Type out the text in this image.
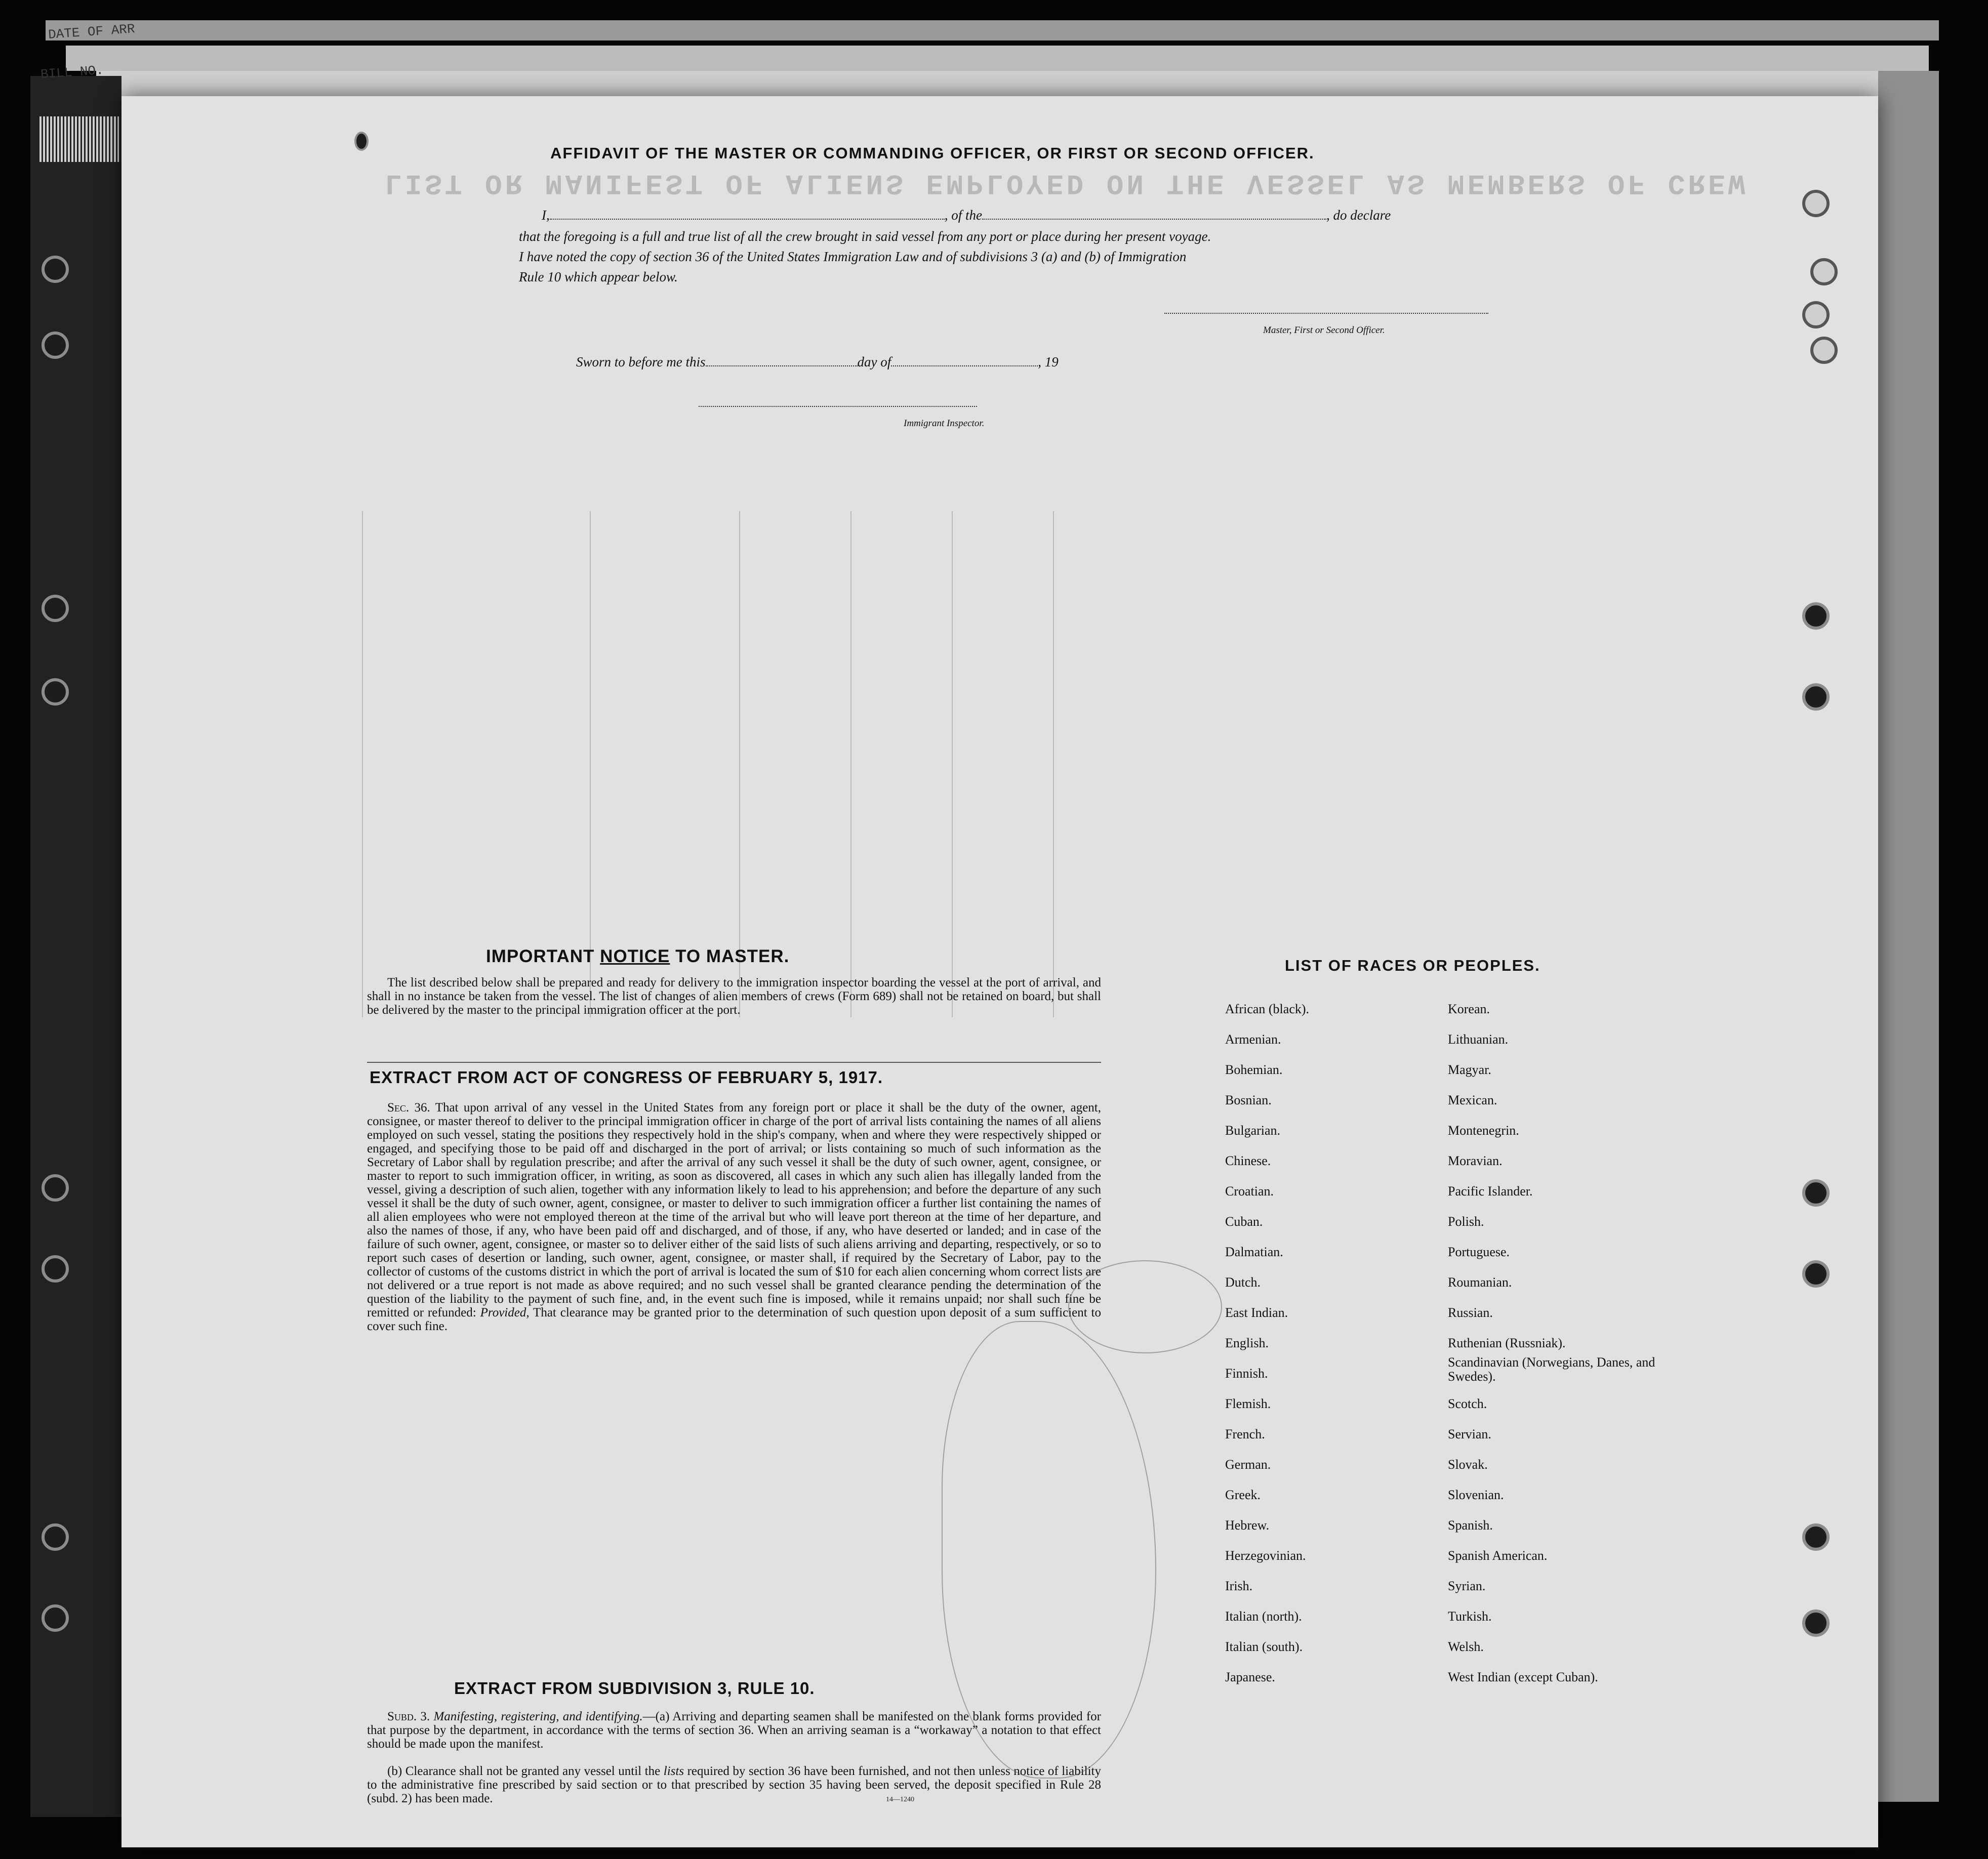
DATE OF ARR
BILL NO.
LIST OR MANIFEST OF ALIENS EMPLOYED ON THE VESSEL AS MEMBERS OF CREW
AFFIDAVIT OF THE MASTER OR COMMANDING OFFICER, OR FIRST OR SECOND OFFICER.
I,	, of the	, do declare
that the foregoing is a full and true list of all the crew brought in said vessel from any port or place during her present voyage.
I have noted the copy of section 36 of the United States Immigration Law and of subdivisions 3 (a) and (b) of Immigration
Rule 10 which appear below.
Master, First or Second Officer.
Sworn to before me this	day of	, 19
Immigrant Inspector.
IMPORTANT NOTICE TO MASTER.
The list described below shall be prepared and ready for delivery to the immigration inspector boarding the vessel at the port of arrival, and shall in no instance be taken from the vessel. The list of changes of alien members of crews (Form 689) shall not be retained on board, but shall be delivered by the master to the principal immigration officer at the port.
EXTRACT FROM ACT OF CONGRESS OF FEBRUARY 5, 1917.
Sec. 36. That upon arrival of any vessel in the United States from any foreign port or place it shall be the duty of the owner, agent, consignee, or master thereof to deliver to the principal immigration officer in charge of the port of arrival lists containing the names of all aliens employed on such vessel, stating the positions they respectively hold in the ship's company, when and where they were respectively shipped or engaged, and specifying those to be paid off and discharged in the port of arrival; or lists containing so much of such information as the Secretary of Labor shall by regulation prescribe; and after the arrival of any such vessel it shall be the duty of such owner, agent, consignee, or master to report to such immigration officer, in writing, as soon as discovered, all cases in which any such alien has illegally landed from the vessel, giving a description of such alien, together with any information likely to lead to his apprehension; and before the departure of any such vessel it shall be the duty of such owner, agent, consignee, or master to deliver to such immigration officer a further list containing the names of all alien employees who were not employed thereon at the time of the arrival but who will leave port thereon at the time of her departure, and also the names of those, if any, who have been paid off and discharged, and of those, if any, who have deserted or landed; and in case of the failure of such owner, agent, consignee, or master so to deliver either of the said lists of such aliens arriving and departing, respectively, or so to report such cases of desertion or landing, such owner, agent, consignee, or master shall, if required by the Secretary of Labor, pay to the collector of customs of the customs district in which the port of arrival is located the sum of $10 for each alien concerning whom correct lists are not delivered or a true report is not made as above required; and no such vessel shall be granted clearance pending the determination of the question of the liability to the payment of such fine, and, in the event such fine is imposed, while it remains unpaid; nor shall such fine be remitted or refunded: Provided, That clearance may be granted prior to the determination of such question upon deposit of a sum sufficient to cover such fine.
EXTRACT FROM SUBDIVISION 3, RULE 10.
Subd. 3. Manifesting, registering, and identifying.—(a) Arriving and departing seamen shall be manifested on the blank forms provided for that purpose by the department, in accordance with the terms of section 36. When an arriving seaman is a “workaway” a notation to that effect should be made upon the manifest.
(b) Clearance shall not be granted any vessel until the lists required by section 36 have been furnished, and not then unless notice of liability to the administrative fine prescribed by said section or to that prescribed by section 35 having been served, the deposit specified in Rule 28 (subd. 2) has been made.	14—1240
LIST OF RACES OR PEOPLES.
African (black).
Armenian.
Bohemian.
Bosnian.
Bulgarian.
Chinese.
Croatian.
Cuban.
Dalmatian.
Dutch.
East Indian.
English.
Finnish.
Flemish.
French.
German.
Greek.
Hebrew.
Herzegovinian.
Irish.
Italian (north).
Italian (south).
Japanese.
Korean.
Lithuanian.
Magyar.
Mexican.
Montenegrin.
Moravian.
Pacific Islander.
Polish.
Portuguese.
Roumanian.
Russian.
Ruthenian (Russniak).
Scandinavian (Norwegians, Danes, and Swedes).
Scotch.
Servian.
Slovak.
Slovenian.
Spanish.
Spanish American.
Syrian.
Turkish.
Welsh.
West Indian (except Cuban).
